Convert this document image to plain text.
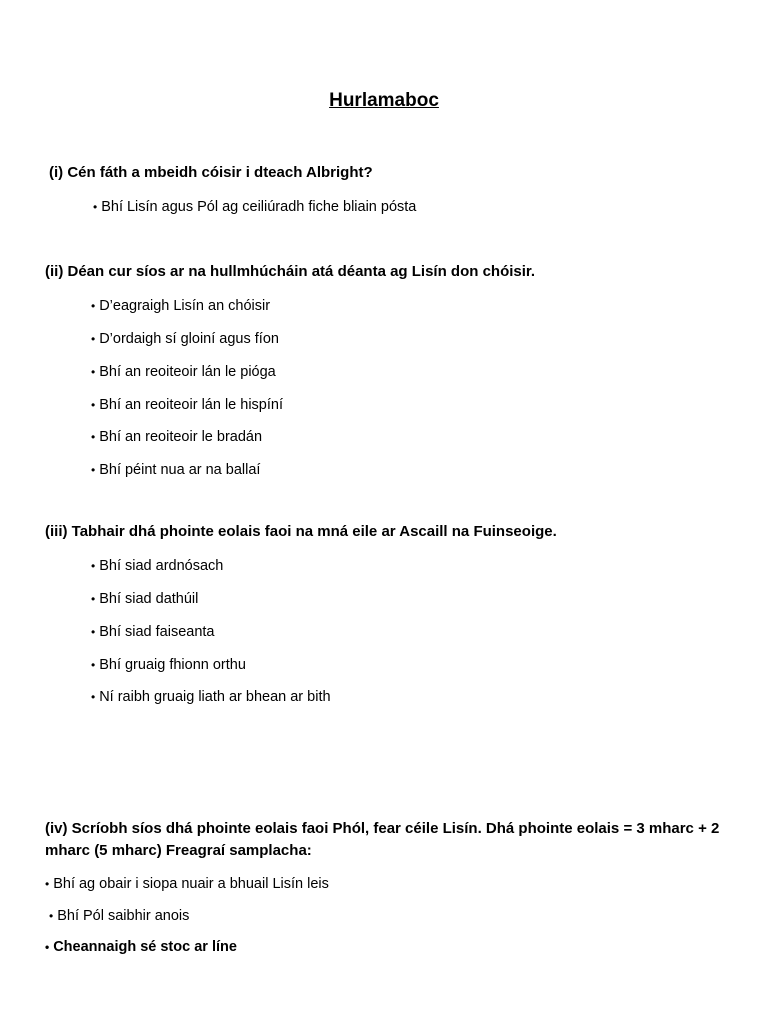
Hurlamaboc
(i) Cén fáth a mbeidh cóisir i dteach Albright?
• Bhí Lisín agus Pól ag ceiliúradh fiche bliain pósta
(ii) Déan cur síos ar na hullmhúcháin atá déanta ag Lisín don chóisir.
• D’eagraigh Lisín an chóisir
• D’ordaigh sí gloiní agus fíon
• Bhí an reoiteoir lán le pióga
• Bhí an reoiteoir lán le hispíní
• Bhí an reoiteoir le bradán
• Bhí péint nua ar na ballaí
(iii) Tabhair dhá phointe eolais faoi na mná eile ar Ascaill na Fuinseoige.
• Bhí siad ardnósach
• Bhí siad dathúil
• Bhí siad faiseanta
• Bhí gruaig fhionn orthu
• Ní raibh gruaig liath ar bhean ar bith
(iv) Scríobh síos dhá phointe eolais faoi Phól, fear céile Lisín. Dhá phointe eolais = 3 mharc + 2 mharc (5 mharc) Freagraí samplacha:
• Bhí ag obair i siopa nuair a bhuail Lisín leis
• Bhí Pól saibhir anois
• Cheannaigh sé stoc ar líne
